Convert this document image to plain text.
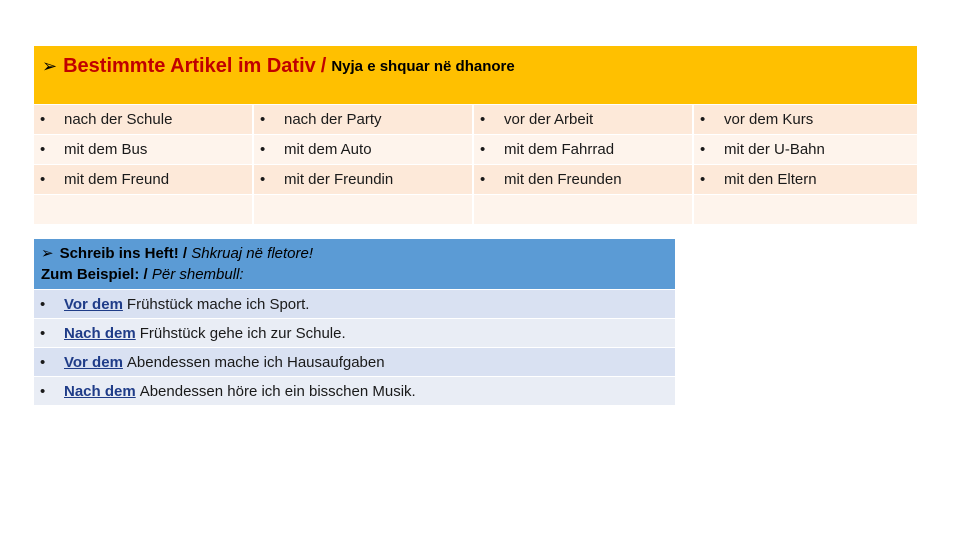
➢ Bestimmte Artikel im Dativ / Nyja e shquar në dhanore
•	nach der Schule	•	nach der Party	•	vor der Arbeit	•	vor dem Kurs
•	mit dem Bus	•	mit dem Auto	•	mit dem Fahrrad	•	mit der U-Bahn
•	mit dem Freund	•	mit der Freundin	•	mit den Freunden	•	mit den Eltern
➢ Schreib ins Heft! / Shkruaj në fletore!
Zum Beispiel: / Për shembull:
•	Vor dem Frühstück mache ich Sport.
•	Nach dem Frühstück gehe ich zur Schule.
•	Vor dem Abendessen mache ich Hausaufgaben
•	Nach dem Abendessen höre ich ein bisschen Musik.
